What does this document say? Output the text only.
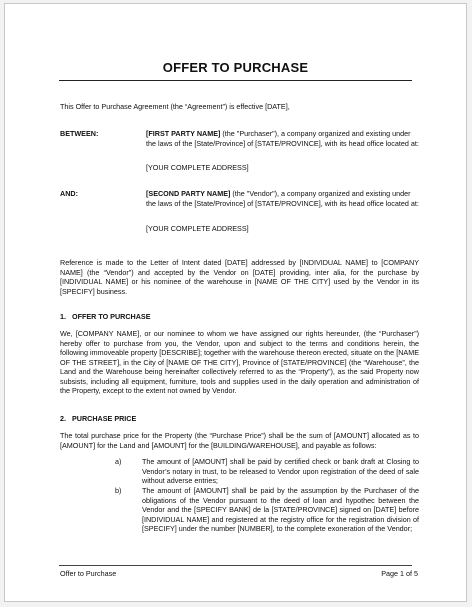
OFFER TO PURCHASE
This Offer to Purchase Agreement (the “Agreement”) is effective [DATE],
BETWEEN:	[FIRST PARTY NAME] (the "Purchaser"), a company organized and existing under the laws of the [State/Province] of [STATE/PROVINCE], with its head office located at:
[YOUR COMPLETE ADDRESS]
AND:	[SECOND PARTY NAME] (the "Vendor"), a company organized and existing under the laws of the [State/Province] of [STATE/PROVINCE], with its head office located at:
[YOUR COMPLETE ADDRESS]
Reference is made to the Letter of Intent dated [DATE] addressed by [INDIVIDUAL NAME] to [COMPANY NAME] (the “Vendor”) and accepted by the Vendor on [DATE] providing, inter alia, for the purchase by [INDIVIDUAL NAME] or his nominee of the warehouse in [NAME OF THE CITY] used by the Vendor in its [SPECIFY] business.
1.   OFFER TO PURCHASE
We, [COMPANY NAME], or our nominee to whom we have assigned our rights hereunder, (the “Purchaser”) hereby offer to purchase from you, the Vendor, upon and subject to the terms and conditions herein, the following immoveable property [DESCRIBE]; together with the warehouse thereon erected, situate on the [NAME OF THE STREET], in the City of [NAME OF THE CITY], Province of [STATE/PROVINCE] (the “Warehouse”, the Land and the Warehouse being hereinafter collectively referred to as the “Property”), as the said Property now subsists, including all equipment, furniture, tools and supplies used in the daily operation and administration of the Property, except to the extent not owned by Vendor.
2.   PURCHASE PRICE
The total purchase price for the Property (the “Purchase Price”) shall be the sum of [AMOUNT] allocated as to [AMOUNT] for the Land and [AMOUNT] for the [BUILDING/WAREHOUSE], and payable as follows:
a)	The amount of [AMOUNT] shall be paid by certified check or bank draft at Closing to Vendor’s notary in trust, to be released to Vendor upon registration of the deed of sale without adverse entries;
b)	The amount of [AMOUNT] shall be paid by the assumption by the Purchaser of the obligations of the Vendor pursuant to the deed of loan and hypothec between the Vendor and the [SPECIFY BANK] de la [STATE/PROVINCE] signed on [DATE] before [INDIVIDUAL NAME] and registered at the registry office for the registration division of [SPECIFY] under the number [NUMBER], to the complete exoneration of the Vendor;
Offer to Purchase	Page 1 of 5
